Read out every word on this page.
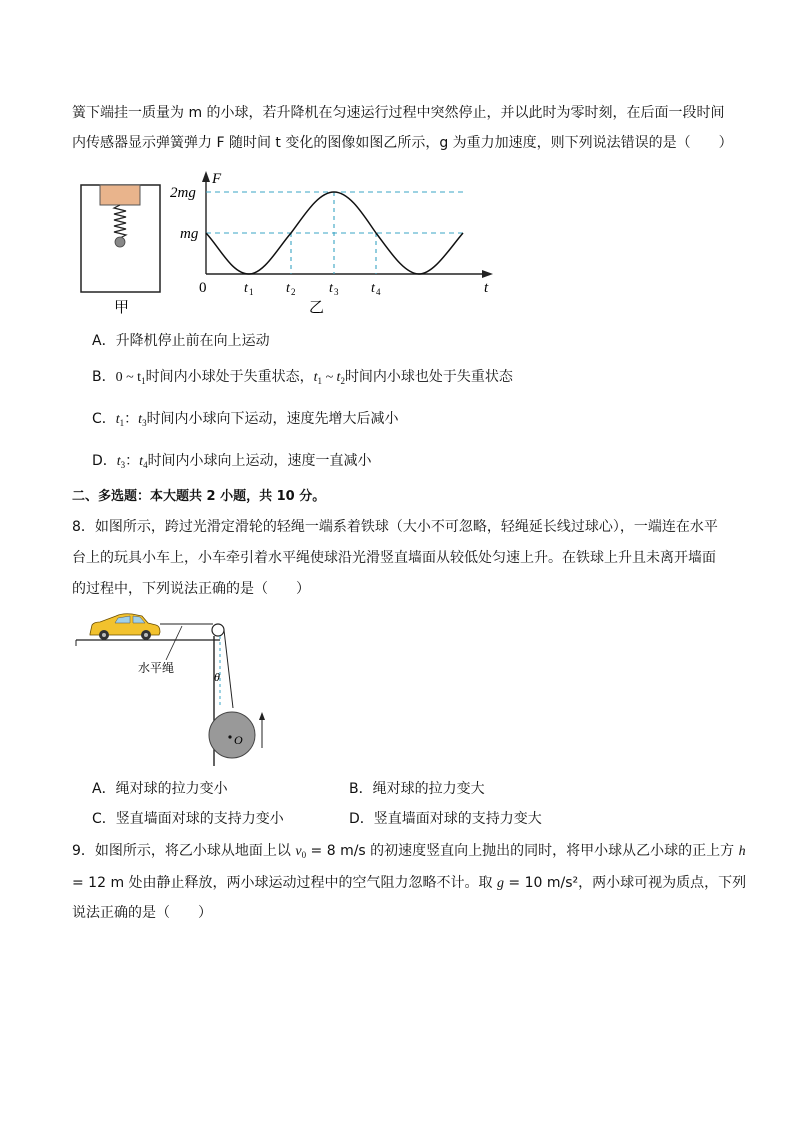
簧下端挂一质量为 m 的小球，若升降机在匀速运行过程中突然停止，并以此时为零时刻，在后面一段时间
内传感器显示弹簧弹力 F 随时间 t 变化的图像如图乙所示，g 为重力加速度，则下列说法错误的是（　　）
甲
F
2mg
mg
0	t
t 1 t 2 t 3 t 4
乙
A．升降机停止前在向上运动
B．0 ~ $t_1$时间内小球处于失重状态，$t_1$ ~ $t_2$时间内小球也处于失重状态
C．$t_1$：$t_3$时间内小球向下运动，速度先增大后减小
D．$t_3$：$t_4$时间内小球向上运动，速度一直减小
二、多选题：本大题共 2 小题，共 10 分。
8．如图所示，跨过光滑定滑轮的轻绳一端系着铁球（大小不可忽略，轻绳延长线过球心），一端连在水平
台上的玩具小车上，小车牵引着水平绳使球沿光滑竖直墙面从较低处匀速上升。在铁球上升且未离开墙面
的过程中，下列说法正确的是（　　）
O
θ
水平绳
A．绳对球的拉力变小	B．绳对球的拉力变大
C．竖直墙面对球的支持力变小	D．竖直墙面对球的支持力变大
9．如图所示，将乙小球从地面上以 $v_0 = 8$ m/s 的初速度竖直向上抛出的同时，将甲小球从乙小球的正上方 h
= 12 m 处由静止释放，两小球运动过程中的空气阻力忽略不计。取 g = 10 m/s²，两小球可视为质点，下列
说法正确的是（　　）
